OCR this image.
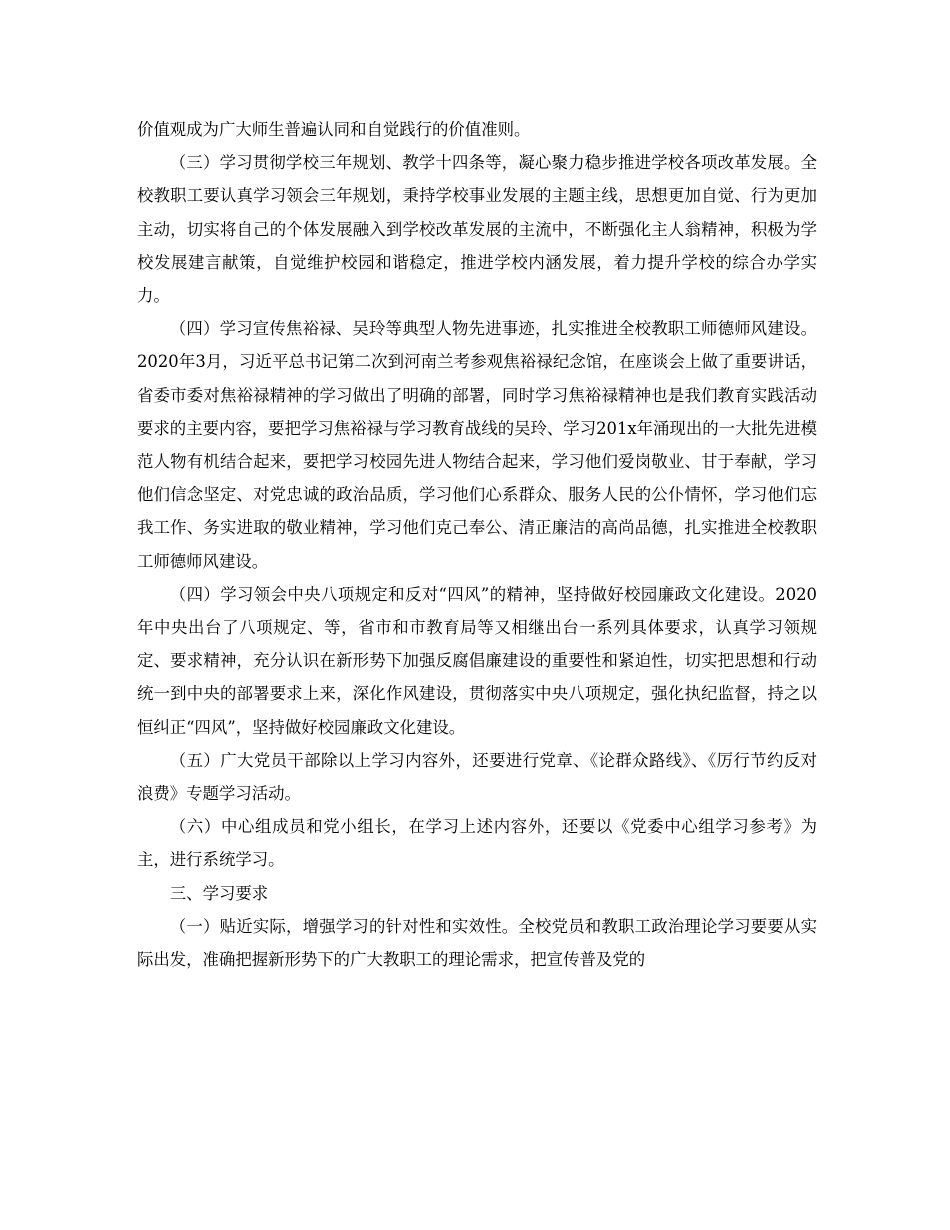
价值观成为广大师生普遍认同和自觉践行的价值准则。

（三）学习贯彻学校三年规划、教学十四条等，凝心聚力稳步推进学校各项改革发展。全校教职工要认真学习领会三年规划，秉持学校事业发展的主题主线，思想更加自觉、行为更加主动，切实将自己的个体发展融入到学校改革发展的主流中，不断强化主人翁精神，积极为学校发展建言献策，自觉维护校园和谐稳定，推进学校内涵发展，着力提升学校的综合办学实力。

（四）学习宣传焦裕禄、吴玲等典型人物先进事迹，扎实推进全校教职工师德师风建设。2020年3月，习近平总书记第二次到河南兰考参观焦裕禄纪念馆，在座谈会上做了重要讲话，省委市委对焦裕禄精神的学习做出了明确的部署，同时学习焦裕禄精神也是我们教育实践活动要求的主要内容，要把学习焦裕禄与学习教育战线的吴玲、学习201x年涌现出的一大批先进模范人物有机结合起来，要把学习校园先进人物结合起来，学习他们爱岗敬业、甘于奉献，学习他们信念坚定、对党忠诚的政治品质，学习他们心系群众、服务人民的公仆情怀，学习他们忘我工作、务实进取的敬业精神，学习他们克己奉公、清正廉洁的高尚品德，扎实推进全校教职工师德师风建设。

（四）学习领会中央八项规定和反对“四风”的精神，坚持做好校园廉政文化建设。2020年中央出台了八项规定、等，省市和市教育局等又相继出台一系列具体要求，认真学习领规定、要求精神，充分认识在新形势下加强反腐倡廉建设的重要性和紧迫性，切实把思想和行动统一到中央的部署要求上来，深化作风建设，贯彻落实中央八项规定，强化执纪监督，持之以恒纠正“四风”，坚持做好校园廉政文化建设。

（五）广大党员干部除以上学习内容外，还要进行党章、《论群众路线》、《厉行节约反对浪费》专题学习活动。

（六）中心组成员和党小组长，在学习上述内容外，还要以《党委中心组学习参考》为主，进行系统学习。

三、学习要求

（一）贴近实际，增强学习的针对性和实效性。全校党员和教职工政治理论学习要要从实际出发，准确把握新形势下的广大教职工的理论需求，把宣传普及党的
